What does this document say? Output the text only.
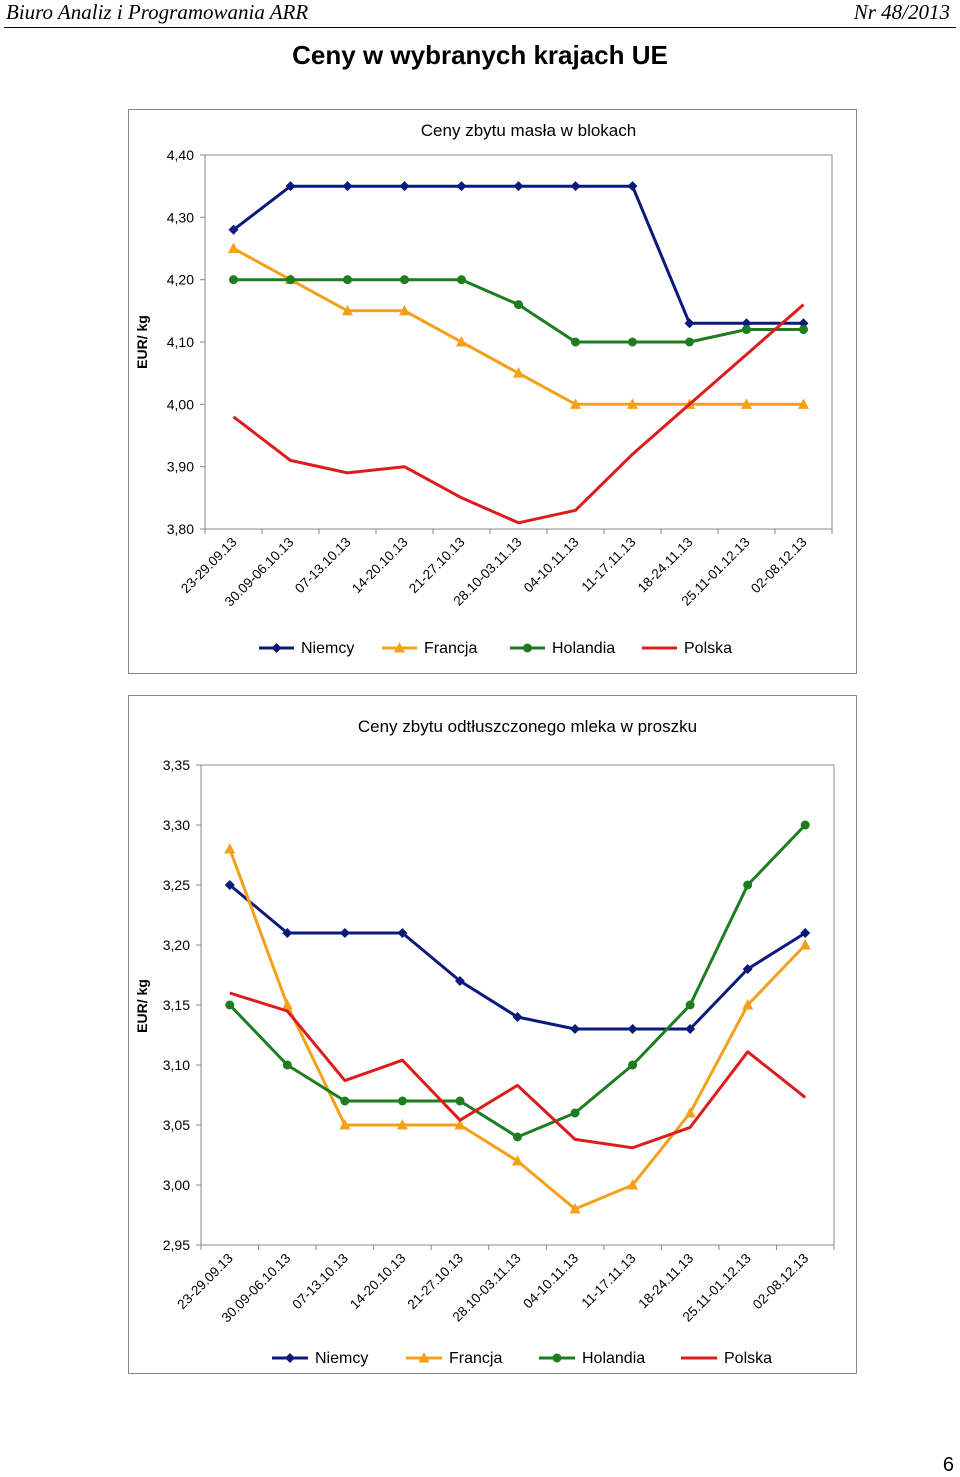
Biuro Analiz i Programowania ARR	Nr 48/2013
Ceny w wybranych krajach UE
Ceny zbytu masła w blokach
3,80
3,90
4,00
4,10
4,20
4,30
4,40
EUR/ kg
23-29.09.13
30.09-06.10.13
07-13.10.13
14-20.10.13
21-27.10.13
28.10-03.11.13
04-10.11.13
11-17.11.13
18-24.11.13
25.11-01.12.13
02-08.12.13
Niemcy	Francja	Holandia	Polska
Ceny zbytu odtłuszczonego mleka w proszku
2,95
3,00
3,05
3,10
3,15
3,20
3,25
3,30
3,35
EUR/ kg
23-29.09.13
30.09-06.10.13
07-13.10.13
14-20.10.13
21-27.10.13
28.10-03.11.13
04-10.11.13
11-17.11.13
18-24.11.13
25.11-01.12.13
02-08.12.13
Niemcy	Francja	Holandia	Polska
6
